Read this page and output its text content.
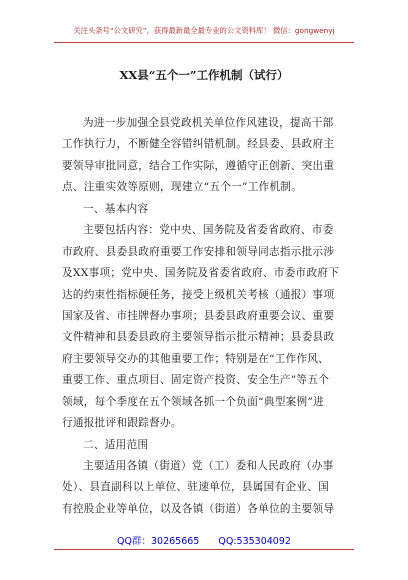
关注头条号“公文研究”，获得最新最全最专业的公文资料库！ 微信：gongwenyj
XX县“五个一”工作机制（试行）
为进一步加强全县党政机关单位作风建设，提高干部
工作执行力，不断健全容错纠错机制。经县委、县政府主
要领导审批同意，结合工作实际，遵循守正创新、突出重
点、注重实效等原则，现建立“五个一”工作机制。
一、基本内容
主要包括内容：党中央、国务院及省委省政府、市委
市政府、县委县政府重要工作安排和领导同志指示批示涉
及XX事项；党中央、国务院及省委省政府、市委市政府下
达的约束性指标硬任务，接受上级机关考核（通报）事项
国家及省、市挂牌督办事项；县委县政府重要会议、重要
文件精神和县委县政府主要领导指示批示精神；县委县政
府主要领导交办的其他重要工作；特别是在“工作作风、
重要工作、重点项目、固定资产投资、安全生产”等五个
领域，每个季度在五个领域各抓一个负面“典型案例”进
行通报批评和跟踪督办。
二、适用范围
主要适用各镇（街道）党（工）委和人民政府（办事
处）、县直副科以上单位、驻速单位，县属国有企业、国
有控股企业等单位，以及各镇（街道）各单位的主要领导
QQ群：30265665 QQ:535304092
